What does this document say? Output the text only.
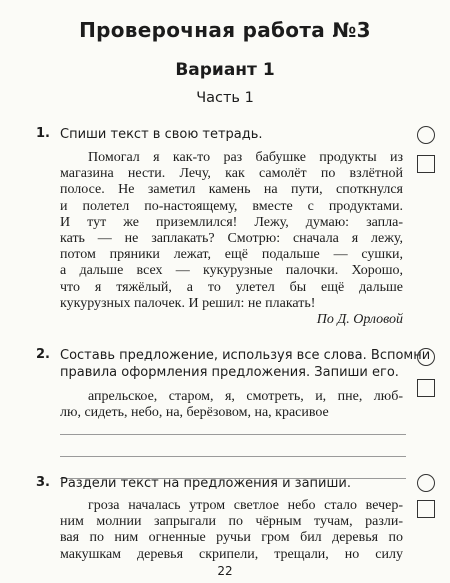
Проверочная работа №3
Вариант 1
Часть 1
1. Спиши текст в свою тетрадь.
Помогал я как-то раз бабушке продукты из
магазина нести. Лечу, как самолёт по взлётной
полосе. Не заметил камень на пути, споткнулся
и полетел по-настоящему, вместе с продуктами.
И тут же приземлился! Лежу, думаю: запла-
кать — не заплакать? Смотрю: сначала я лежу,
потом пряники лежат, ещё подальше — сушки,
а дальше всех — кукурузные палочки. Хорошо,
что я тяжёлый, а то улетел бы ещё дальше
кукурузных палочек. И решил: не плакать!
По Д. Орловой
2. Составь предложение, используя все слова. Вспомни
правила оформления предложения. Запиши его.
апрельское, старом, я, смотреть, и, пне, люб-
лю, сидеть, небо, на, берёзовом, на, красивое
3. Раздели текст на предложения и запиши.
гроза началась утром светлое небо стало вечер-
ним молнии запрыгали по чёрным тучам, разли-
вая по ним огненные ручьи гром бил деревья по
макушкам деревья скрипели, трещали, но силу
22
